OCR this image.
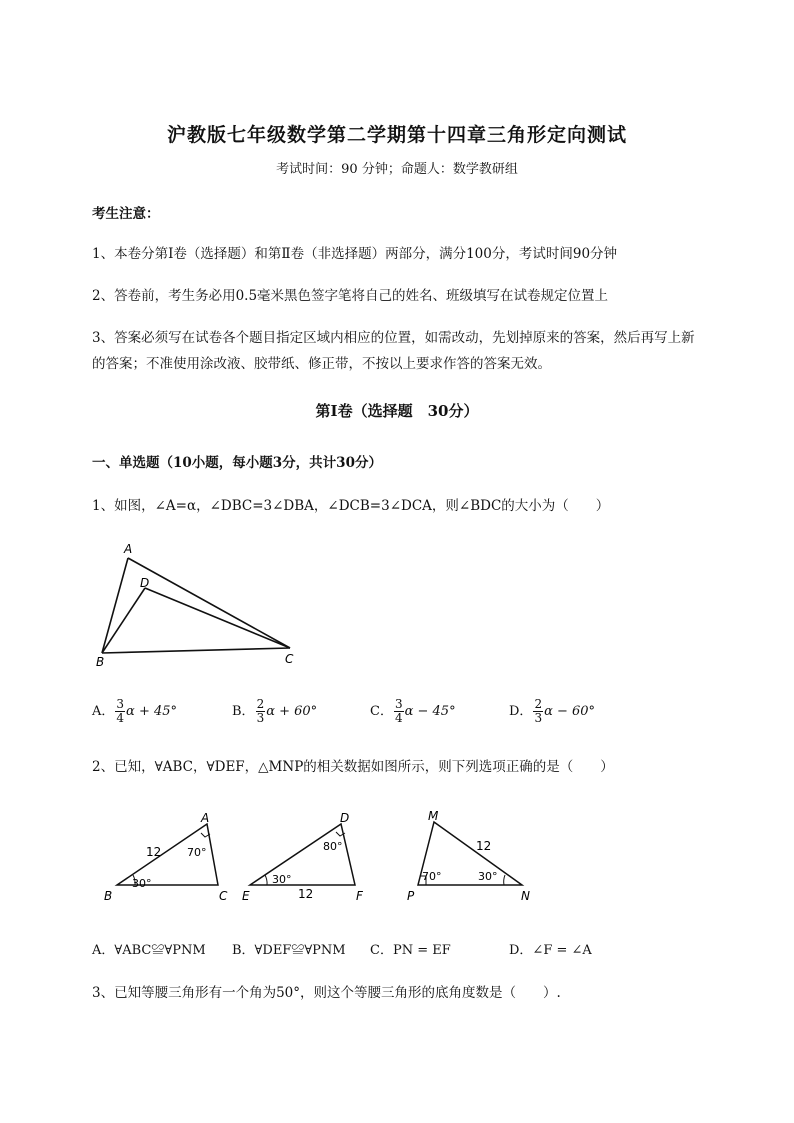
沪教版七年级数学第二学期第十四章三角形定向测试
考试时间：90 分钟；命题人：数学教研组
考生注意：
1、本卷分第Ⅰ卷（选择题）和第Ⅱ卷（非选择题）两部分，满分100分，考试时间90分钟
2、答卷前，考生务必用0.5毫米黑色签字笔将自己的姓名、班级填写在试卷规定位置上
3、答案必须写在试卷各个题目指定区域内相应的位置，如需改动，先划掉原来的答案，然后再写上新
的答案；不准使用涂改液、胶带纸、修正带，不按以上要求作答的答案无效。
第Ⅰ卷（选择题　30分）
一、单选题（10小题，每小题3分，共计30分）
1、如图，∠A=α，∠DBC=3∠DBA，∠DCB=3∠DCA，则∠BDC的大小为（　　）
A
D
B	C
A． $\frac{3}{4}$ α + 45°	B． $\frac{2}{3}$ α + 60°	C． $\frac{3}{4}$ α − 45°	D． $\frac{2}{3}$ α − 60°
2、已知，∀ABC，∀DEF，△MNP的相关数据如图所示，则下列选项正确的是（　　）
A
B	C
12 70°
30°
D
E	F
12
80°
30°
M
P	N
12
70°	30°
A．∀ABC≌∀PNM B．∀DEF≌∀PNM C．PN = EF	D．∠F = ∠A
3、已知等腰三角形有一个角为50°，则这个等腰三角形的底角度数是（　　）.
